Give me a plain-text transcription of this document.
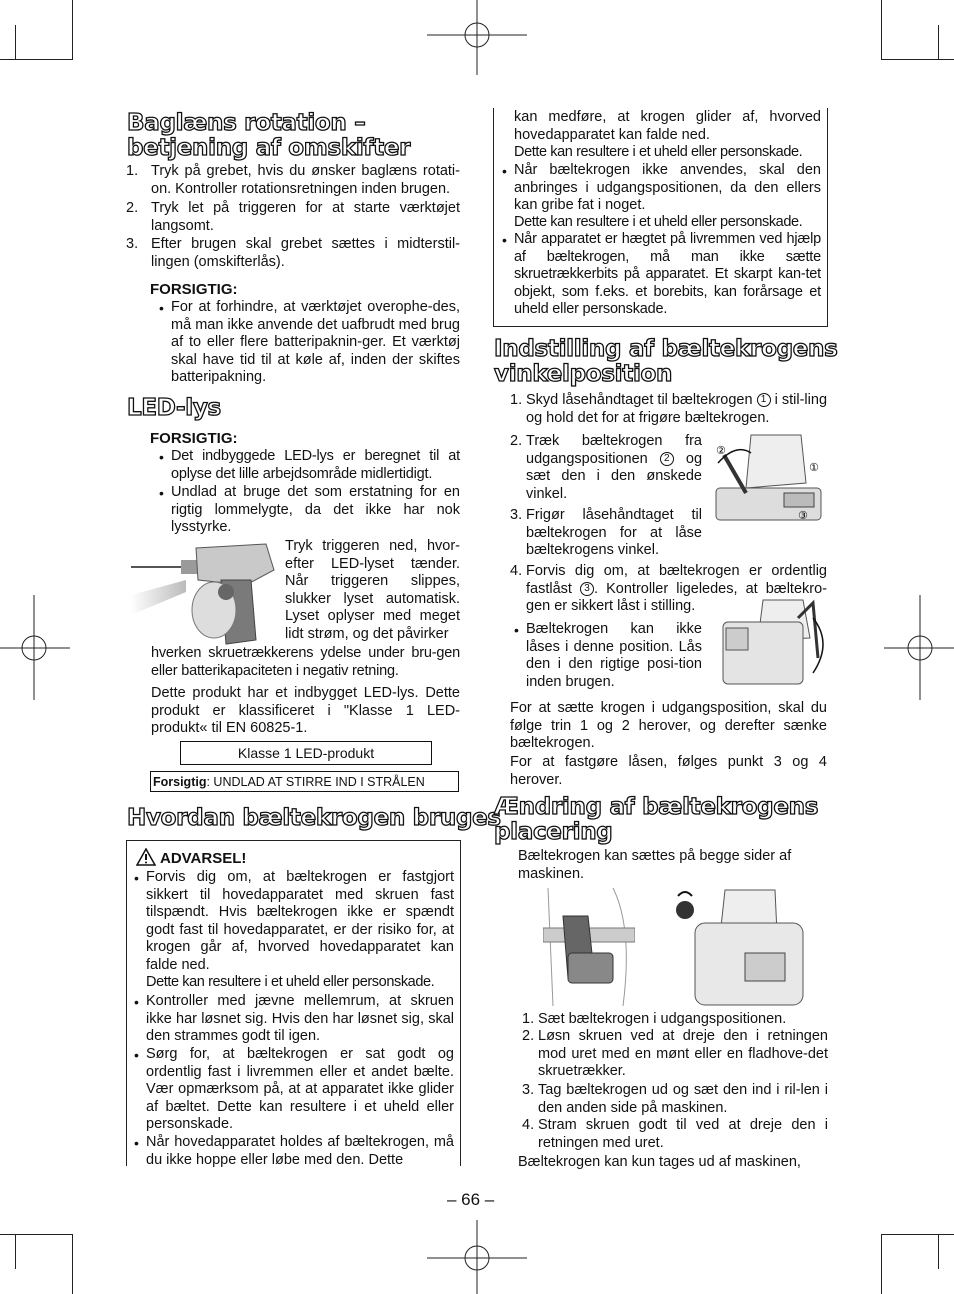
Baglæns rotation – betjening af omskifter
1. Tryk på grebet, hvis du ønsker baglæns rotati-on. Kontroller rotationsretningen inden brugen.
2. Tryk let på triggeren for at starte værktøjet langsomt.
3. Efter brugen skal grebet sættes i midterstil-lingen (omskifterlås).
FORSIGTIG:
• For at forhindre, at værktøjet overophe-des, må man ikke anvende det uafbrudt med brug af to eller flere batteripaknin-ger. Et værktøj skal have tid til at køle af, inden der skiftes batteripakning.
LED-lys
FORSIGTIG:
• Det indbyggede LED-lys er beregnet til at oplyse det lille arbejdsområde midlertidigt.
• Undlad at bruge det som erstatning for en rigtig lommelygte, da det ikke har nok lysstyrke.
Tryk triggeren ned, hvor-efter LED-lyset tænder. Når triggeren slippes, slukker lyset automatisk. Lyset oplyser med meget lidt strøm, og det påvirker
hverken skruetrækkerens ydelse under bru-gen eller batterikapaciteten i negativ retning.
Dette produkt har et indbygget LED-lys. Dette produkt er klassificeret i "Klasse 1 LED-produkt« til EN 60825-1.
Klasse 1 LED-produkt
Forsigtig: UNDLAD AT STIRRE IND I STRÅLEN
Hvordan bæltekrogen bruges
ADVARSEL!
• Forvis dig om, at bæltekrogen er fastgjort sikkert til hovedapparatet med skruen fast tilspændt. Hvis bæltekrogen ikke er spændt godt fast til hovedapparatet, er der risiko for, at krogen går af, hvorved hovedapparatet kan falde ned.
Dette kan resultere i et uheld eller personskade.
• Kontroller med jævne mellemrum, at skruen ikke har løsnet sig. Hvis den har løsnet sig, skal den strammes godt til igen.
• Sørg for, at bæltekrogen er sat godt og ordentlig fast i livremmen eller et andet bælte. Vær opmærksom på, at at apparatet ikke glider af bæltet. Dette kan resultere i et uheld eller personskade.
• Når hovedapparatet holdes af bæltekrogen, må du ikke hoppe eller løbe med den. Dette
kan medføre, at krogen glider af, hvorved hovedapparatet kan falde ned.
Dette kan resultere i et uheld eller personskade.
• Når bæltekrogen ikke anvendes, skal den anbringes i udgangspositionen, da den ellers kan gribe fat i noget.
Dette kan resultere i et uheld eller personskade.
• Når apparatet er hægtet på livremmen ved hjælp af bæltekrogen, må man ikke sætte skruetrækkerbits på apparatet. Et skarpt kan-tet objekt, som f.eks. et borebits, kan forårsage et uheld eller personskade.
Indstilling af bæltekrogens vinkelposition
1. Skyd låsehåndtaget til bæltekrogen 1 i stil-ling og hold det for at frigøre bæltekrogen.
2. Træk bæltekrogen fra udgangspositionen 2 og sæt den i den ønskede vinkel.
3. Frigør låsehåndtaget til bæltekrogen for at låse bæltekrogens vinkel.
②
①
③
4. Forvis dig om, at bæltekrogen er ordentlig fastlåst 3 . Kontroller ligeledes, at bæltekro-gen er sikkert låst i stilling.
• Bæltekrogen kan ikke låses i denne position. Lås den i den rigtige posi-tion inden brugen.
For at sætte krogen i udgangsposition, skal du følge trin 1 og 2 herover, og derefter sænke bæltekrogen.
For at fastgøre låsen, følges punkt 3 og 4 herover.
Ændring af bæltekrogens placering
Bæltekrogen kan sættes på begge sider af maskinen.
1. Sæt bæltekrogen i udgangspositionen.
2. Løsn skruen ved at dreje den i retningen mod uret med en mønt eller en fladhove-det skruetrækker.
3. Tag bæltekrogen ud og sæt den ind i ril-len i den anden side på maskinen.
4. Stram skruen godt til ved at dreje den i retningen med uret.
Bæltekrogen kan kun tages ud af maskinen,
– 66 –
